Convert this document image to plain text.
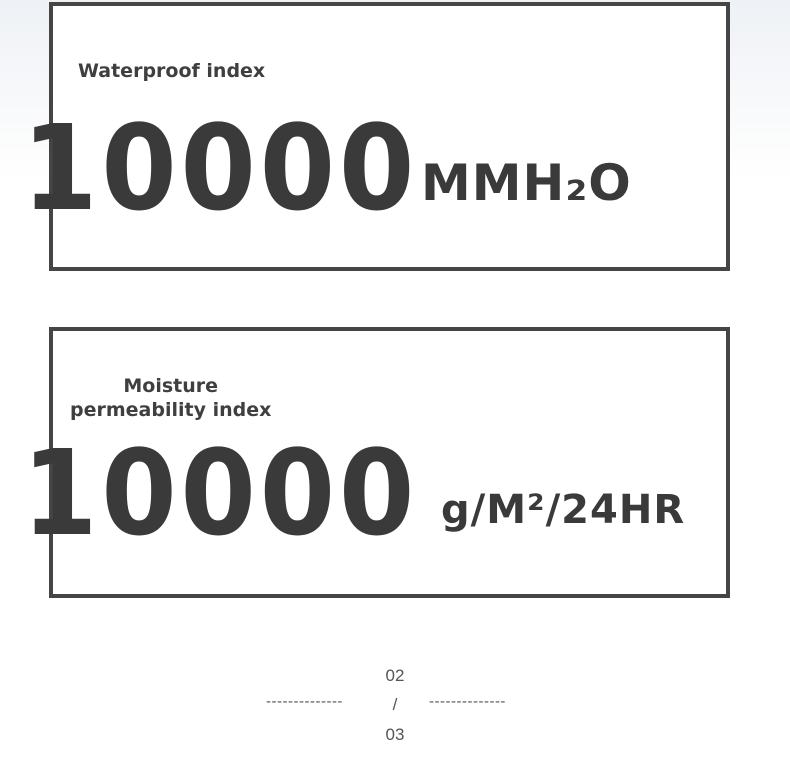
Waterproof index
10000 MMH₂O
Moisture
permeability index
10000 g/M²/24HR
02
--------------	/	--------------
03
